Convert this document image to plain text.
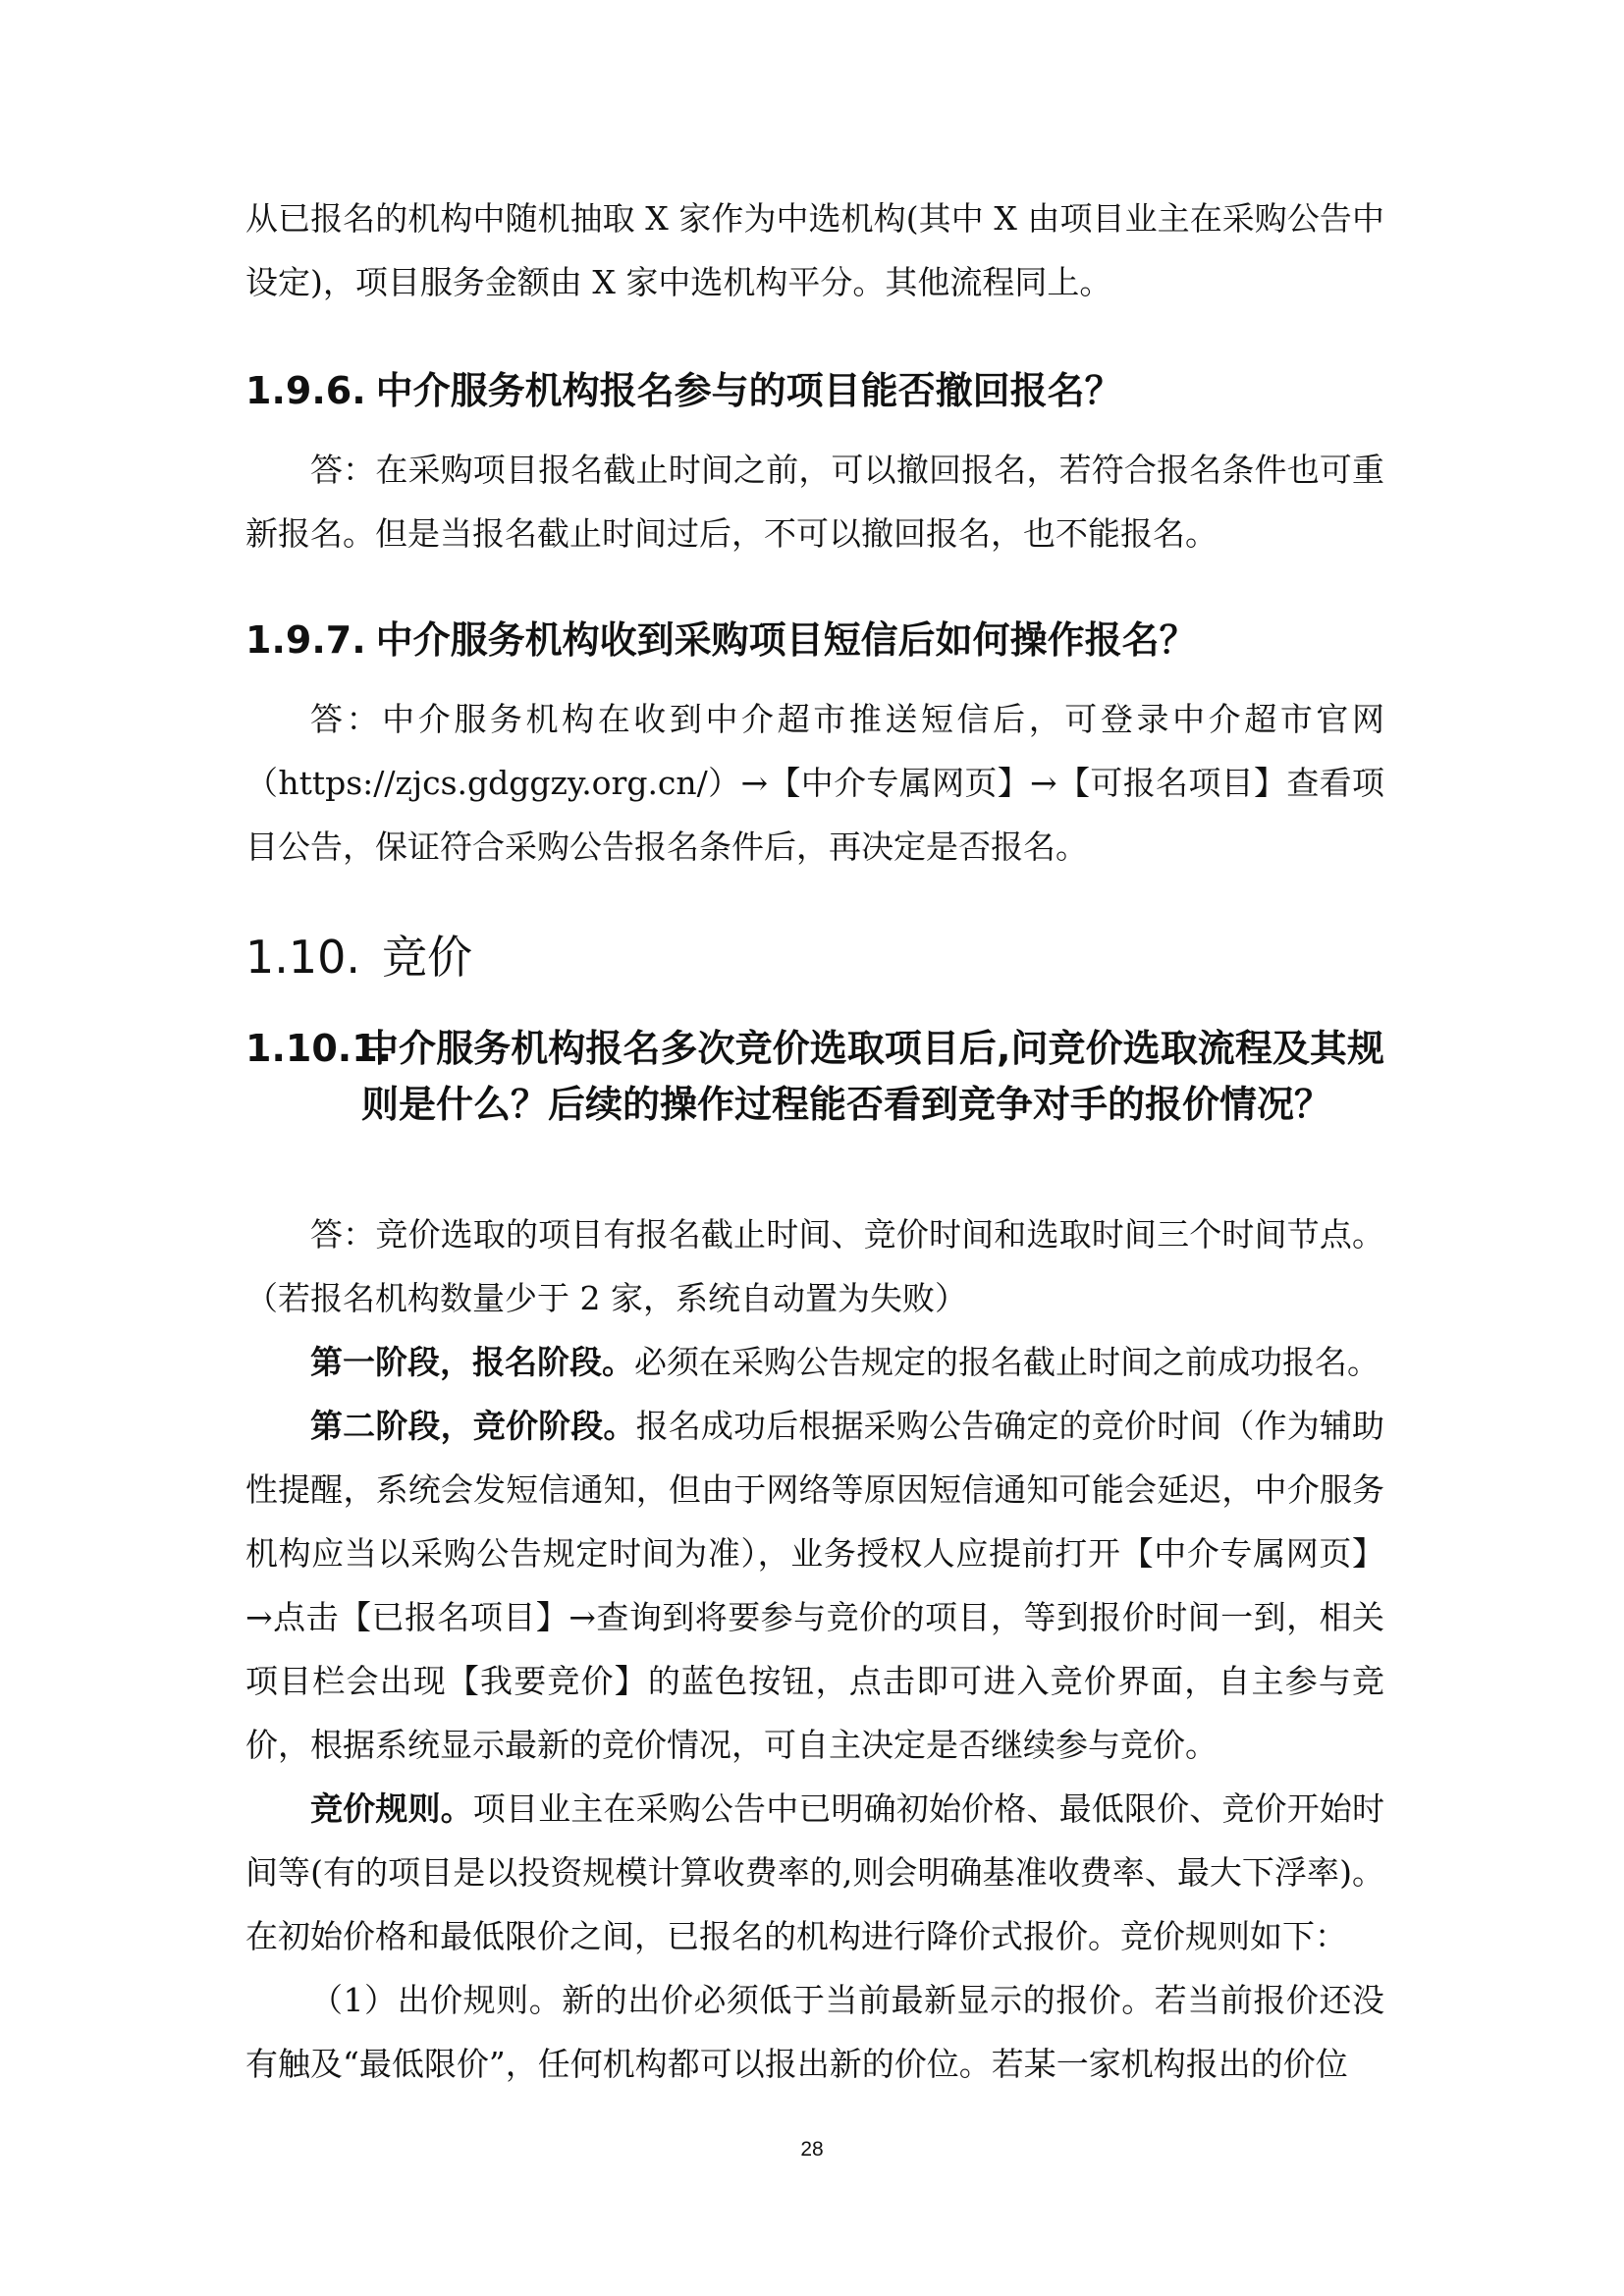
从已报名的机构中随机抽取 X 家作为中选机构(其中 X 由项目业主在采购公告中设定)，项目服务金额由 X 家中选机构平分。其他流程同上。

1.9.6. 中介服务机构报名参与的项目能否撤回报名？

答：在采购项目报名截止时间之前，可以撤回报名，若符合报名条件也可重新报名。但是当报名截止时间过后，不可以撤回报名，也不能报名。

1.9.7. 中介服务机构收到采购项目短信后如何操作报名？

答：中介服务机构在收到中介超市推送短信后，可登录中介超市官网（https://zjcs.gdggzy.org.cn/）→【中介专属网页】→【可报名项目】查看项目公告，保证符合采购公告报名条件后，再决定是否报名。

1.10. 竞价
1.10.1.
中介服务机构报名多次竞价选取项目后,问竞价选取流程及其规则是什么？后续的操作过程能否看到竞争对手的报价情况？

答：竞价选取的项目有报名截止时间、竞价时间和选取时间三个时间节点。（若报名机构数量少于 2 家，系统自动置为失败）

第一阶段，报名阶段。必须在采购公告规定的报名截止时间之前成功报名。

第二阶段，竞价阶段。报名成功后根据采购公告确定的竞价时间（作为辅助性提醒，系统会发短信通知，但由于网络等原因短信通知可能会延迟，中介服务机构应当以采购公告规定时间为准），业务授权人应提前打开【中介专属网页】→点击【已报名项目】→查询到将要参与竞价的项目，等到报价时间一到，相关项目栏会出现【我要竞价】的蓝色按钮，点击即可进入竞价界面，自主参与竞价，根据系统显示最新的竞价情况，可自主决定是否继续参与竞价。

竞价规则。项目业主在采购公告中已明确初始价格、最低限价、竞价开始时间等(有的项目是以投资规模计算收费率的,则会明确基准收费率、最大下浮率)。在初始价格和最低限价之间，已报名的机构进行降价式报价。竞价规则如下：

（1）出价规则。新的出价必须低于当前最新显示的报价。若当前报价还没有触及“最低限价”，任何机构都可以报出新的价位。若某一家机构报出的价位

28
